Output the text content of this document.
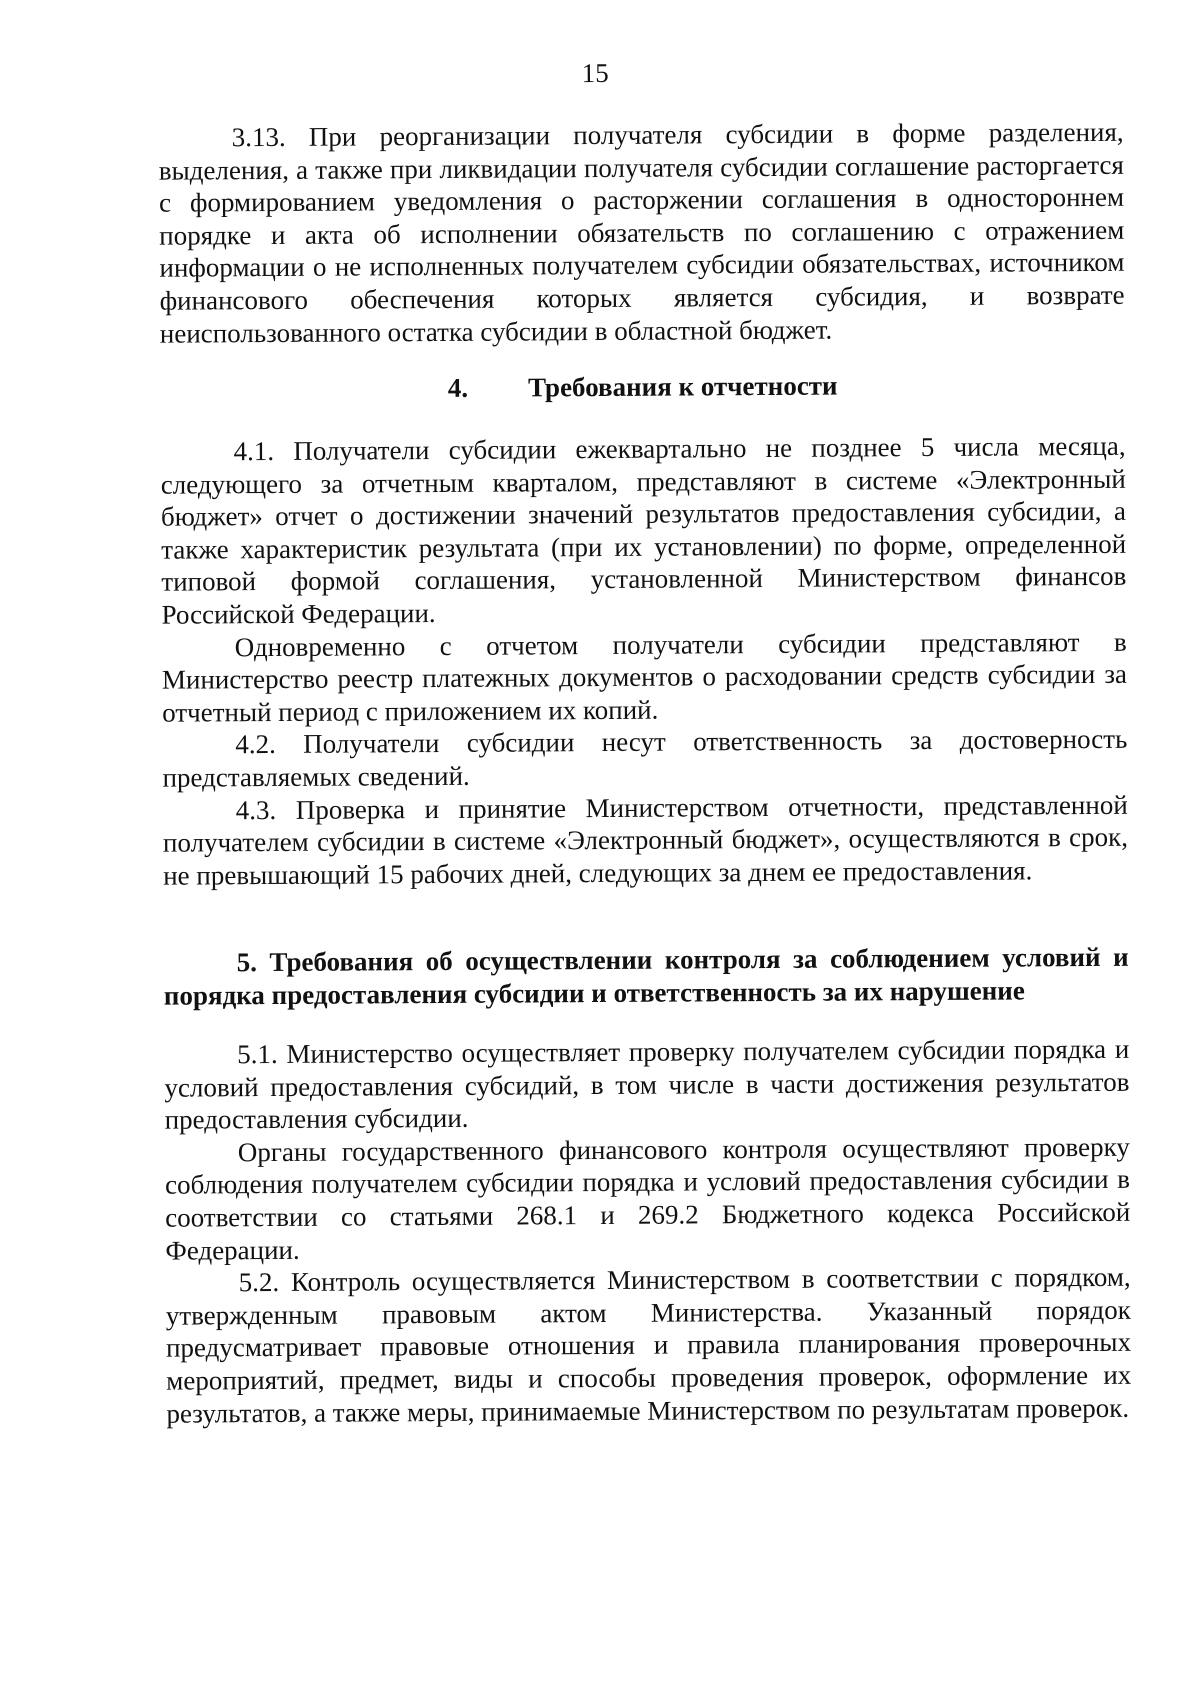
15

3.13. При реорганизации получателя субсидии в форме разделения, выделения, а также при ликвидации получателя субсидии соглашение расторгается с формированием уведомления о расторжении соглашения в одностороннем порядке и акта об исполнении обязательств по соглашению с отражением информации о не исполненных получателем субсидии обязательствах, источником финансового обеспечения которых является субсидия, и возврате неиспользованного остатка субсидии в областной бюджет.

4. Требования к отчетности

4.1. Получатели субсидии ежеквартально не позднее 5 числа месяца, следующего за отчетным кварталом, представляют в системе «Электронный бюджет» отчет о достижении значений результатов предоставления субсидии, а также характеристик результата (при их установлении) по форме, определенной типовой формой соглашения, установленной Министерством финансов Российской Федерации.

Одновременно с отчетом получатели субсидии представляют в Министерство реестр платежных документов о расходовании средств субсидии за отчетный период с приложением их копий.

4.2. Получатели субсидии несут ответственность за достоверность представляемых сведений.

4.3. Проверка и принятие Министерством отчетности, представленной получателем субсидии в системе «Электронный бюджет», осуществляются в срок, не превышающий 15 рабочих дней, следующих за днем ее предоставления.

5. Требования об осуществлении контроля за соблюдением условий и порядка предоставления субсидии и ответственность за их нарушение

5.1. Министерство осуществляет проверку получателем субсидии порядка и условий предоставления субсидий, в том числе в части достижения результатов предоставления субсидии.

Органы государственного финансового контроля осуществляют проверку соблюдения получателем субсидии порядка и условий предоставления субсидии в соответствии со статьями 268.1 и 269.2 Бюджетного кодекса Российской Федерации.

5.2. Контроль осуществляется Министерством в соответствии с порядком, утвержденным правовым актом Министерства. Указанный порядок предусматривает правовые отношения и правила планирования проверочных мероприятий, предмет, виды и способы проведения проверок, оформление их результатов, а также меры, принимаемые Министерством по результатам проверок.
